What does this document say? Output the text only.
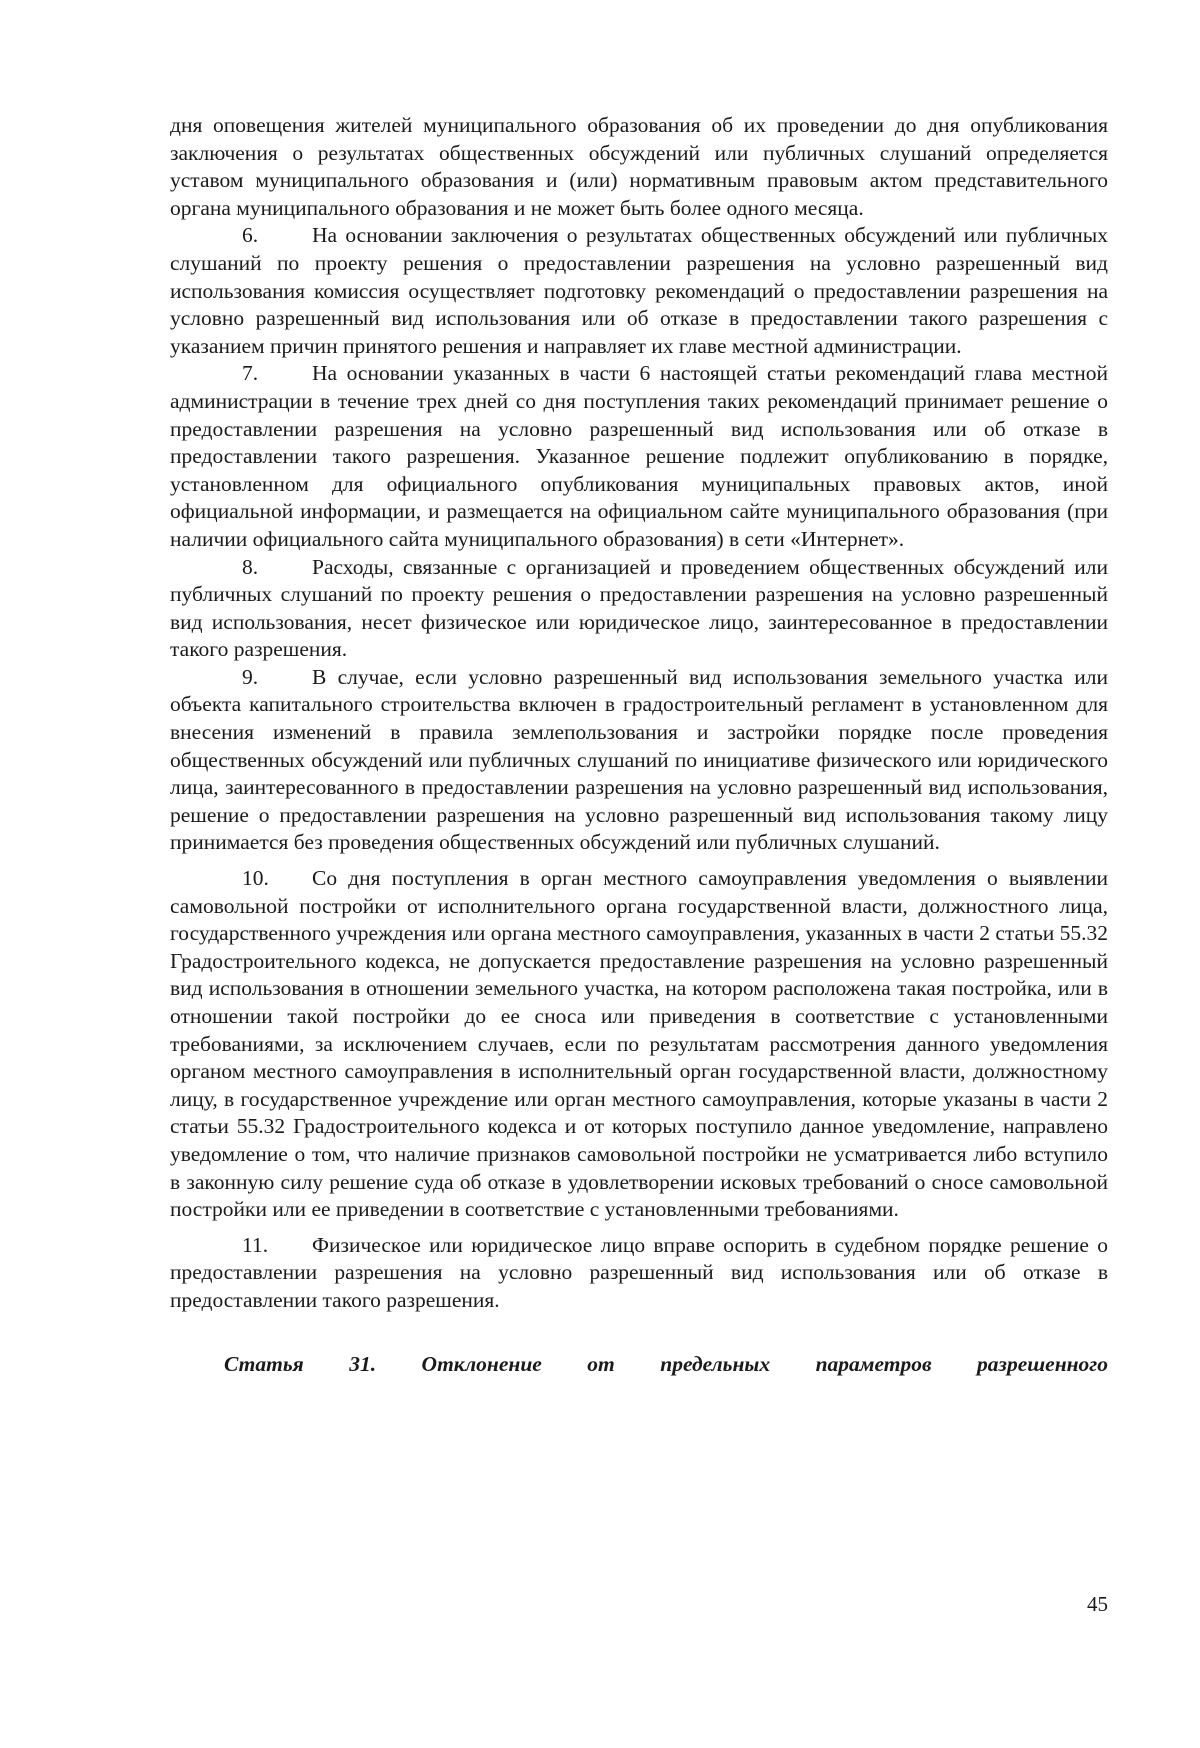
дня оповещения жителей муниципального образования об их проведении до дня опубликования заключения о результатах общественных обсуждений или публичных слушаний определяется уставом муниципального образования и (или) нормативным правовым актом представительного органа муниципального образования и не может быть более одного месяца.

6.	На основании заключения о результатах общественных обсуждений или публичных слушаний по проекту решения о предоставлении разрешения на условно разрешенный вид использования комиссия осуществляет подготовку рекомендаций о предоставлении разрешения на условно разрешенный вид использования или об отказе в предоставлении такого разрешения с указанием причин принятого решения и направляет их главе местной администрации.

7.	На основании указанных в части 6 настоящей статьи рекомендаций глава местной администрации в течение трех дней со дня поступления таких рекомендаций принимает решение о предоставлении разрешения на условно разрешенный вид использования или об отказе в предоставлении такого разрешения. Указанное решение подлежит опубликованию в порядке, установленном для официального опубликования муниципальных правовых актов, иной официальной информации, и размещается на официальном сайте муниципального образования (при наличии официального сайта муниципального образования) в сети «Интернет».

8.	Расходы, связанные с организацией и проведением общественных обсуждений или публичных слушаний по проекту решения о предоставлении разрешения на условно разрешенный вид использования, несет физическое или юридическое лицо, заинтересованное в предоставлении такого разрешения.

9.	В случае, если условно разрешенный вид использования земельного участка или объекта капитального строительства включен в градостроительный регламент в установленном для внесения изменений в правила землепользования и застройки порядке после проведения общественных обсуждений или публичных слушаний по инициативе физического или юридического лица, заинтересованного в предоставлении разрешения на условно разрешенный вид использования, решение о предоставлении разрешения на условно разрешенный вид использования такому лицу принимается без проведения общественных обсуждений или публичных слушаний.

10. Со дня поступления в орган местного самоуправления уведомления о выявлении самовольной постройки от исполнительного органа государственной власти, должностного лица, государственного учреждения или органа местного самоуправления, указанных в части 2 статьи 55.32 Градостроительного кодекса, не допускается предоставление разрешения на условно разрешенный вид использования в отношении земельного участка, на котором расположена такая постройка, или в отношении такой постройки до ее сноса или приведения в соответствие с установленными требованиями, за исключением случаев, если по результатам рассмотрения данного уведомления органом местного самоуправления в исполнительный орган государственной власти, должностному лицу, в государственное учреждение или орган местного самоуправления, которые указаны в части 2 статьи 55.32 Градостроительного кодекса и от которых поступило данное уведомление, направлено уведомление о том, что наличие признаков самовольной постройки не усматривается либо вступило в законную силу решение суда об отказе в удовлетворении исковых требований о сносе самовольной постройки или ее приведении в соответствие с установленными требованиями.

11. Физическое или юридическое лицо вправе оспорить в судебном порядке решение о предоставлении разрешения на условно разрешенный вид использования или об отказе в предоставлении такого разрешения.

Статья 31. Отклонение от предельных параметров разрешенного

45
